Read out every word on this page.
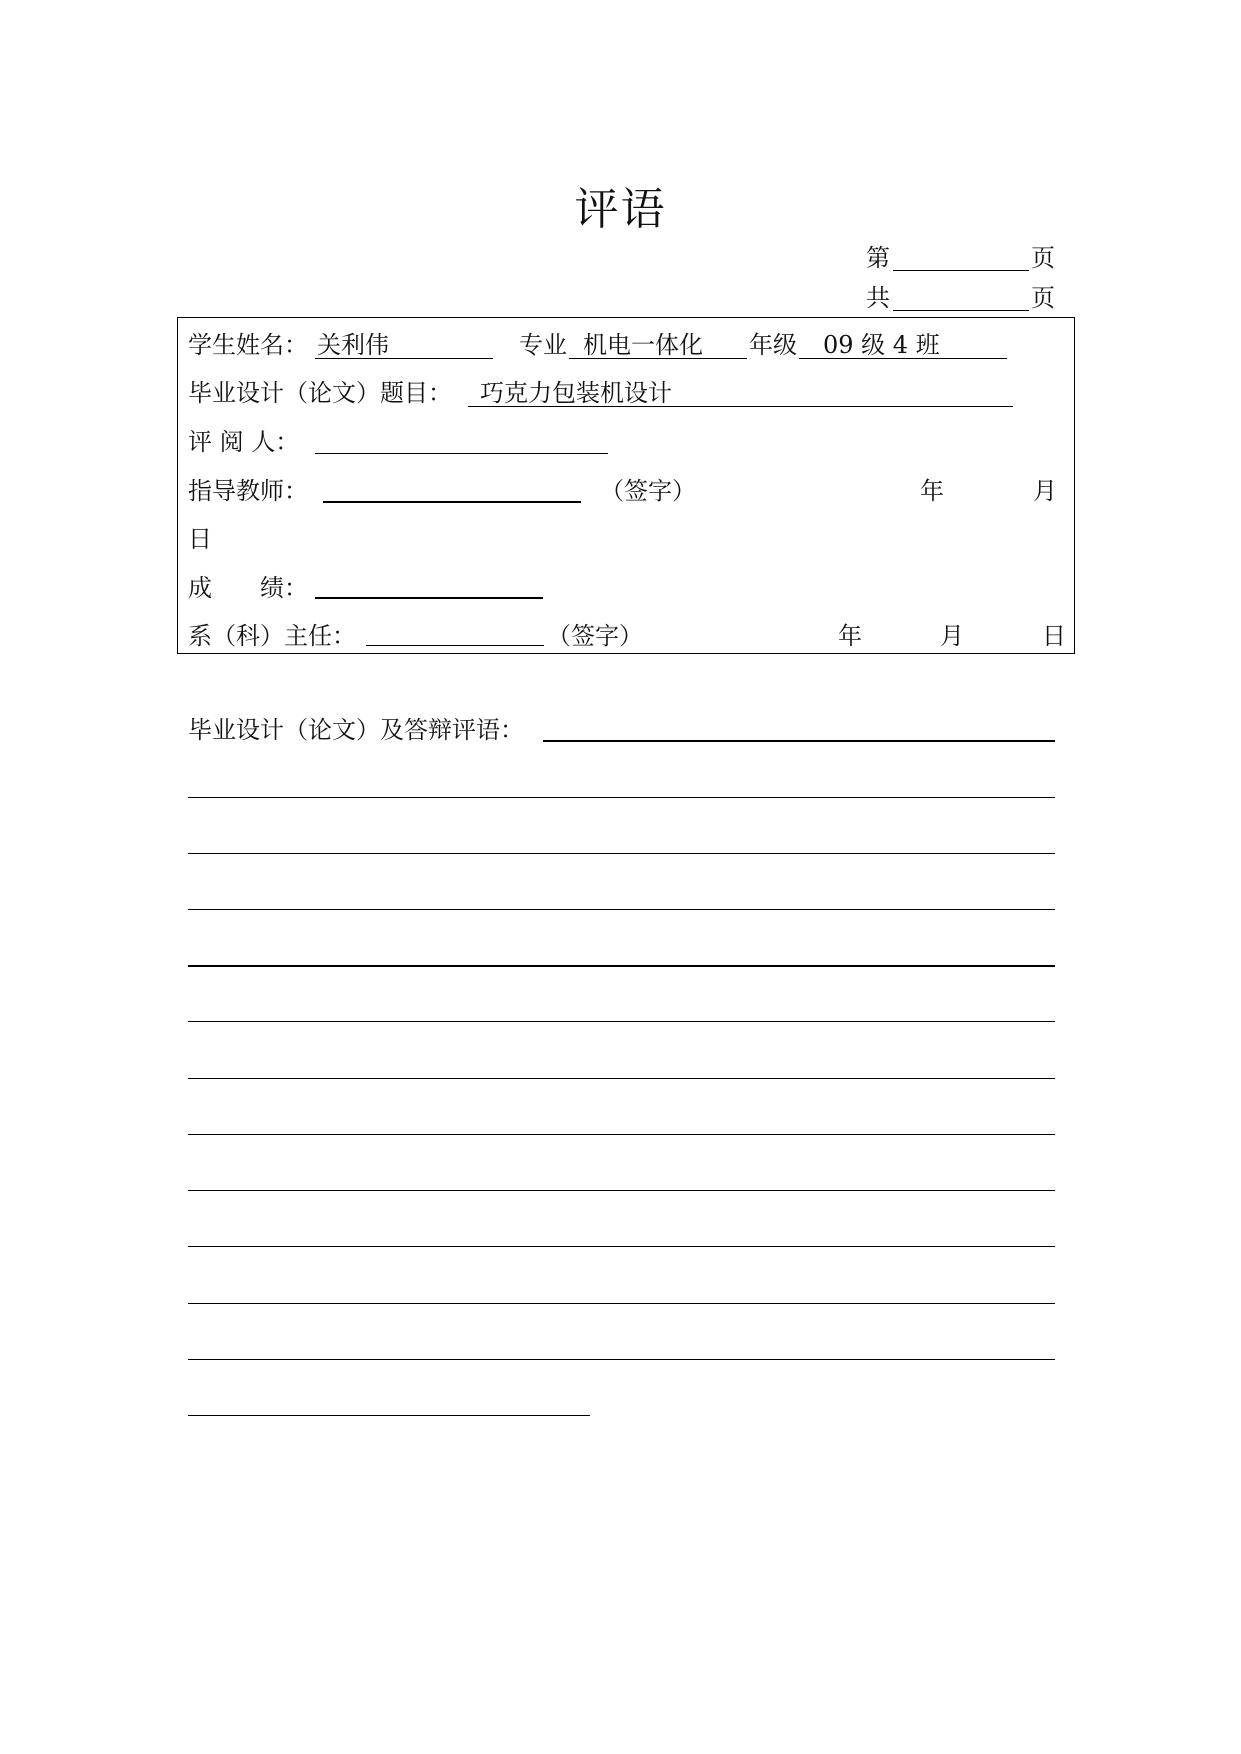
评语
第	页
共	页
学生姓名： 关利伟	专业 机电一体化 年级 09 级 4 班
毕业设计（论文）题目： 巧克力包装机设计
评 阅 人：
指导教师：	（签字）	年	月
日
成　　绩：
系（科）主任：	（签字）	年	月	日
毕业设计（论文）及答辩评语：
